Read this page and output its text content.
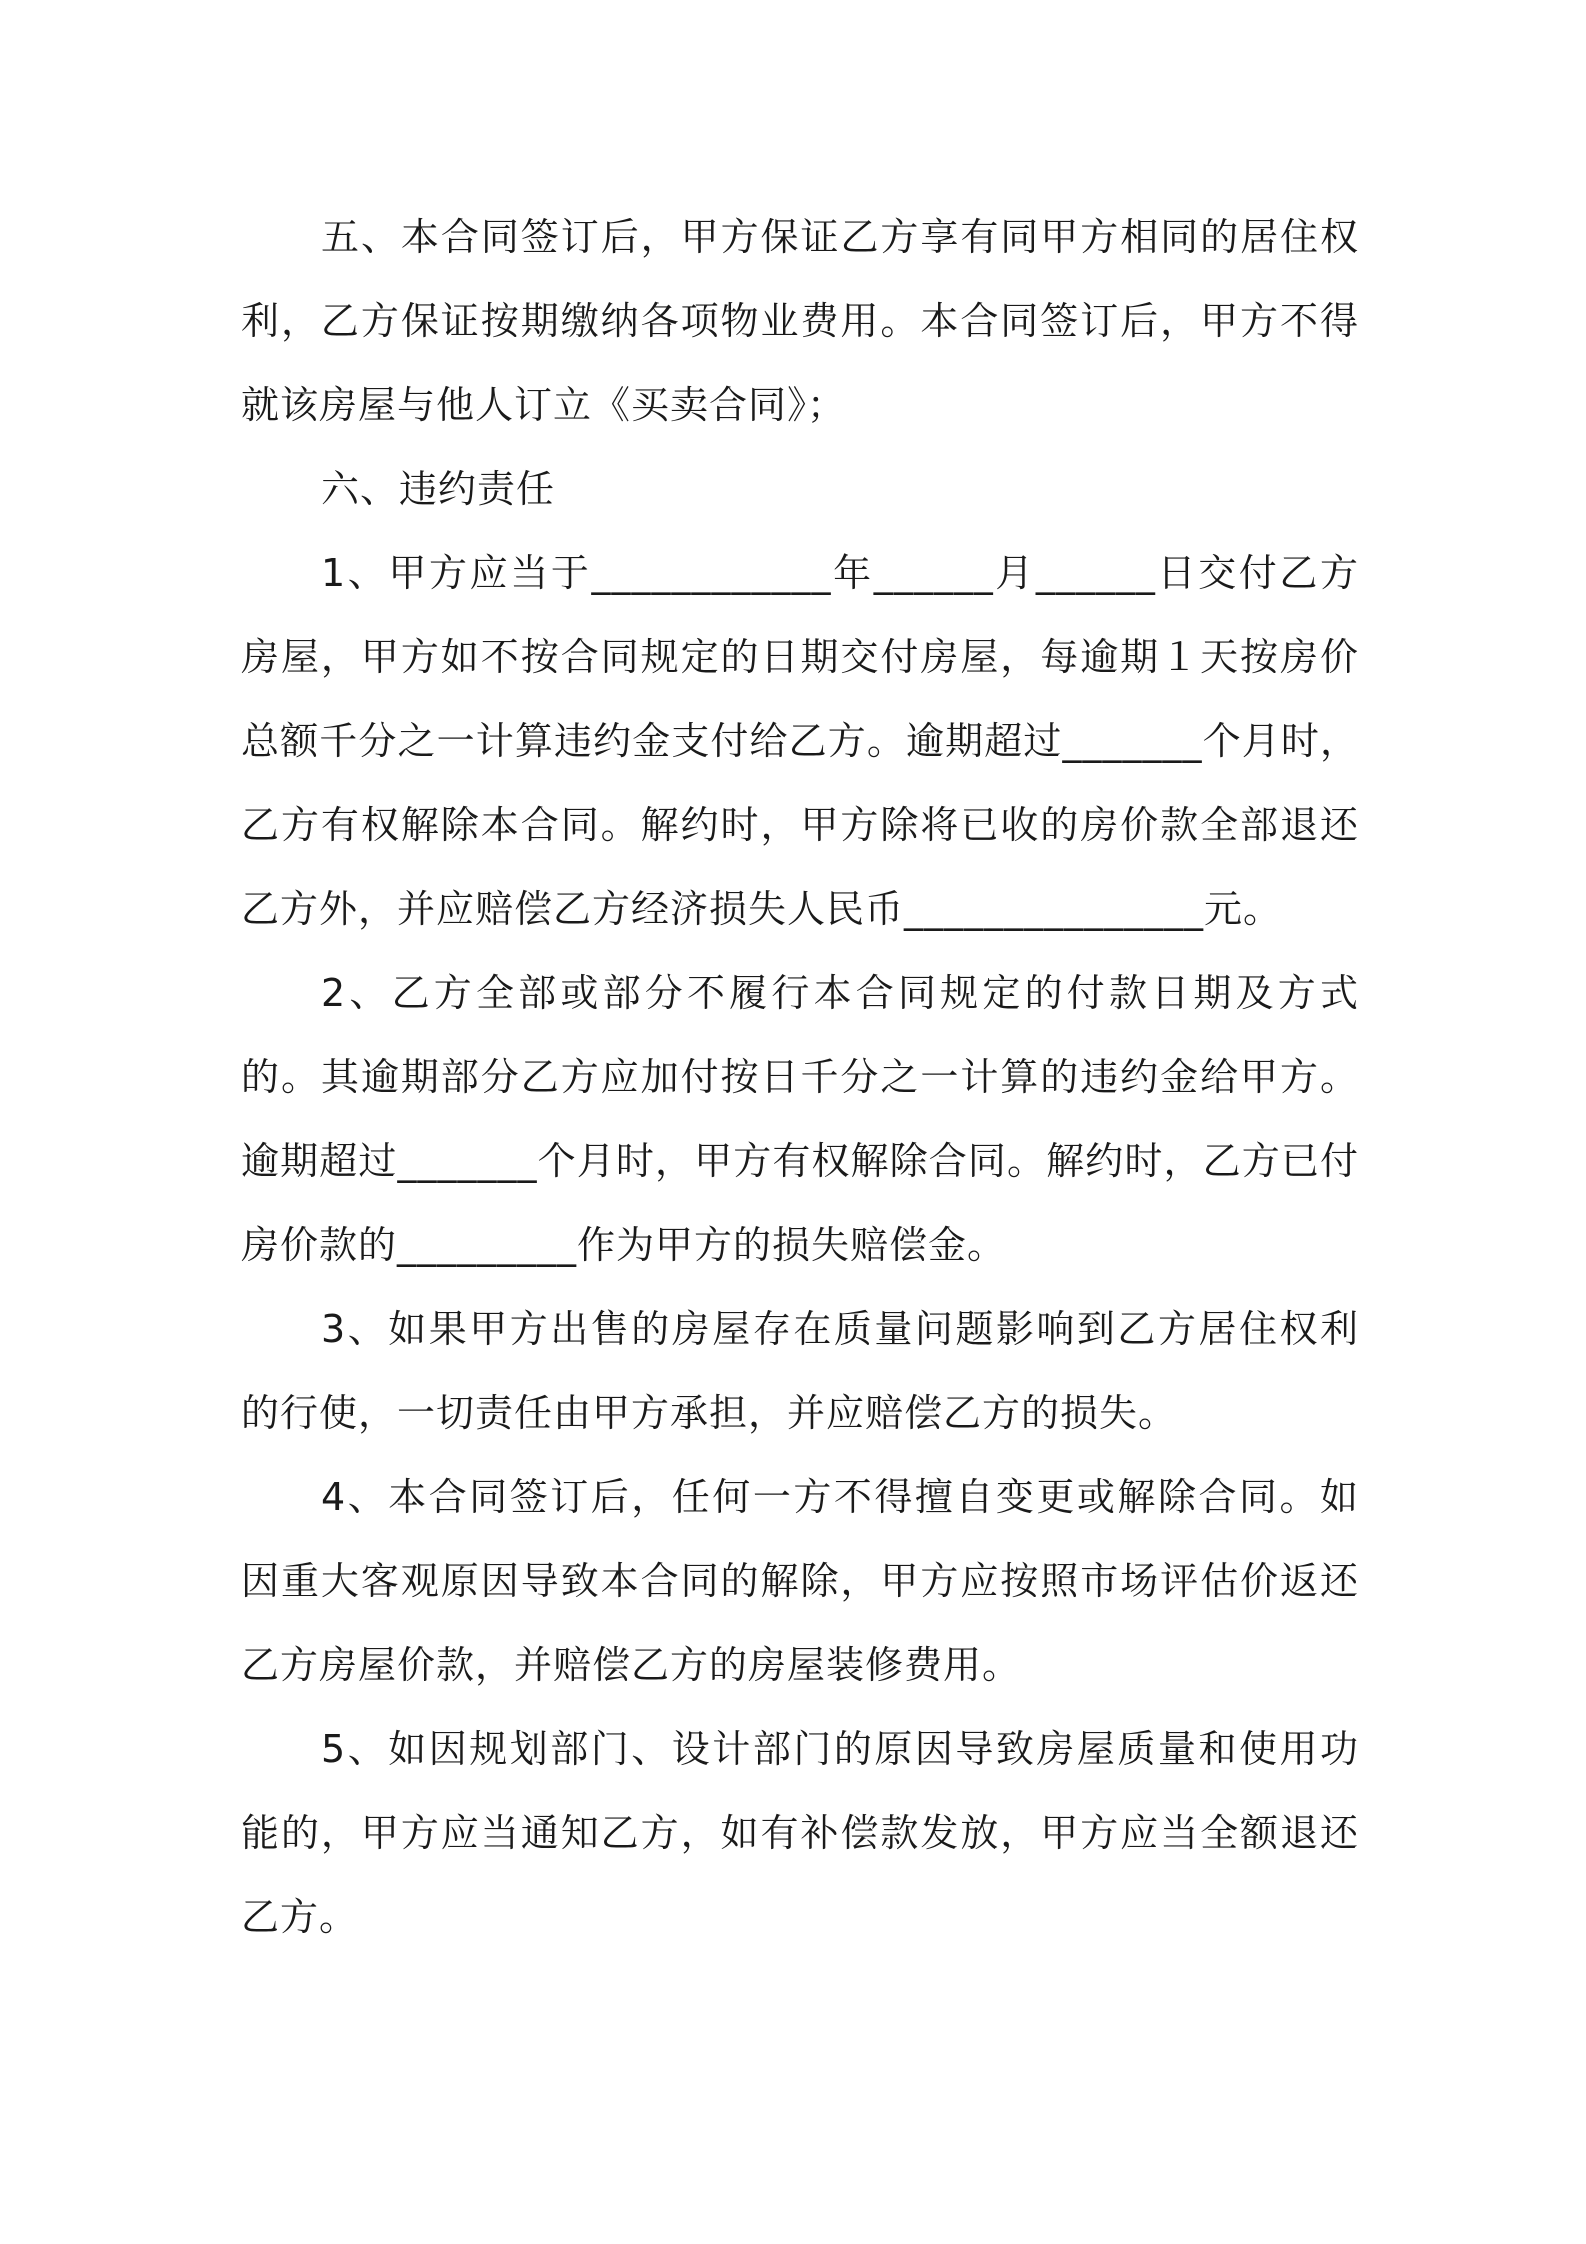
五、本合同签订后，甲方保证乙方享有同甲方相同的居住权利，乙方保证按期缴纳各项物业费用。本合同签订后，甲方不得就该房屋与他人订立《买卖合同》；

六、违约责任

1、甲方应当于____________年______月______日交付乙方房屋，甲方如不按合同规定的日期交付房屋，每逾期１天按房价总额千分之一计算违约金支付给乙方。逾期超过_______个月时，乙方有权解除本合同。解约时，甲方除将已收的房价款全部退还乙方外，并应赔偿乙方经济损失人民币_______________元。

2、乙方全部或部分不履行本合同规定的付款日期及方式的。其逾期部分乙方应加付按日千分之一计算的违约金给甲方。逾期超过_______个月时，甲方有权解除合同。解约时，乙方已付房价款的_________作为甲方的损失赔偿金。

3、如果甲方出售的房屋存在质量问题影响到乙方居住权利的行使，一切责任由甲方承担，并应赔偿乙方的损失。

4、本合同签订后，任何一方不得擅自变更或解除合同。如因重大客观原因导致本合同的解除，甲方应按照市场评估价返还乙方房屋价款，并赔偿乙方的房屋装修费用。

5、如因规划部门、设计部门的原因导致房屋质量和使用功能的，甲方应当通知乙方，如有补偿款发放，甲方应当全额退还乙方。
